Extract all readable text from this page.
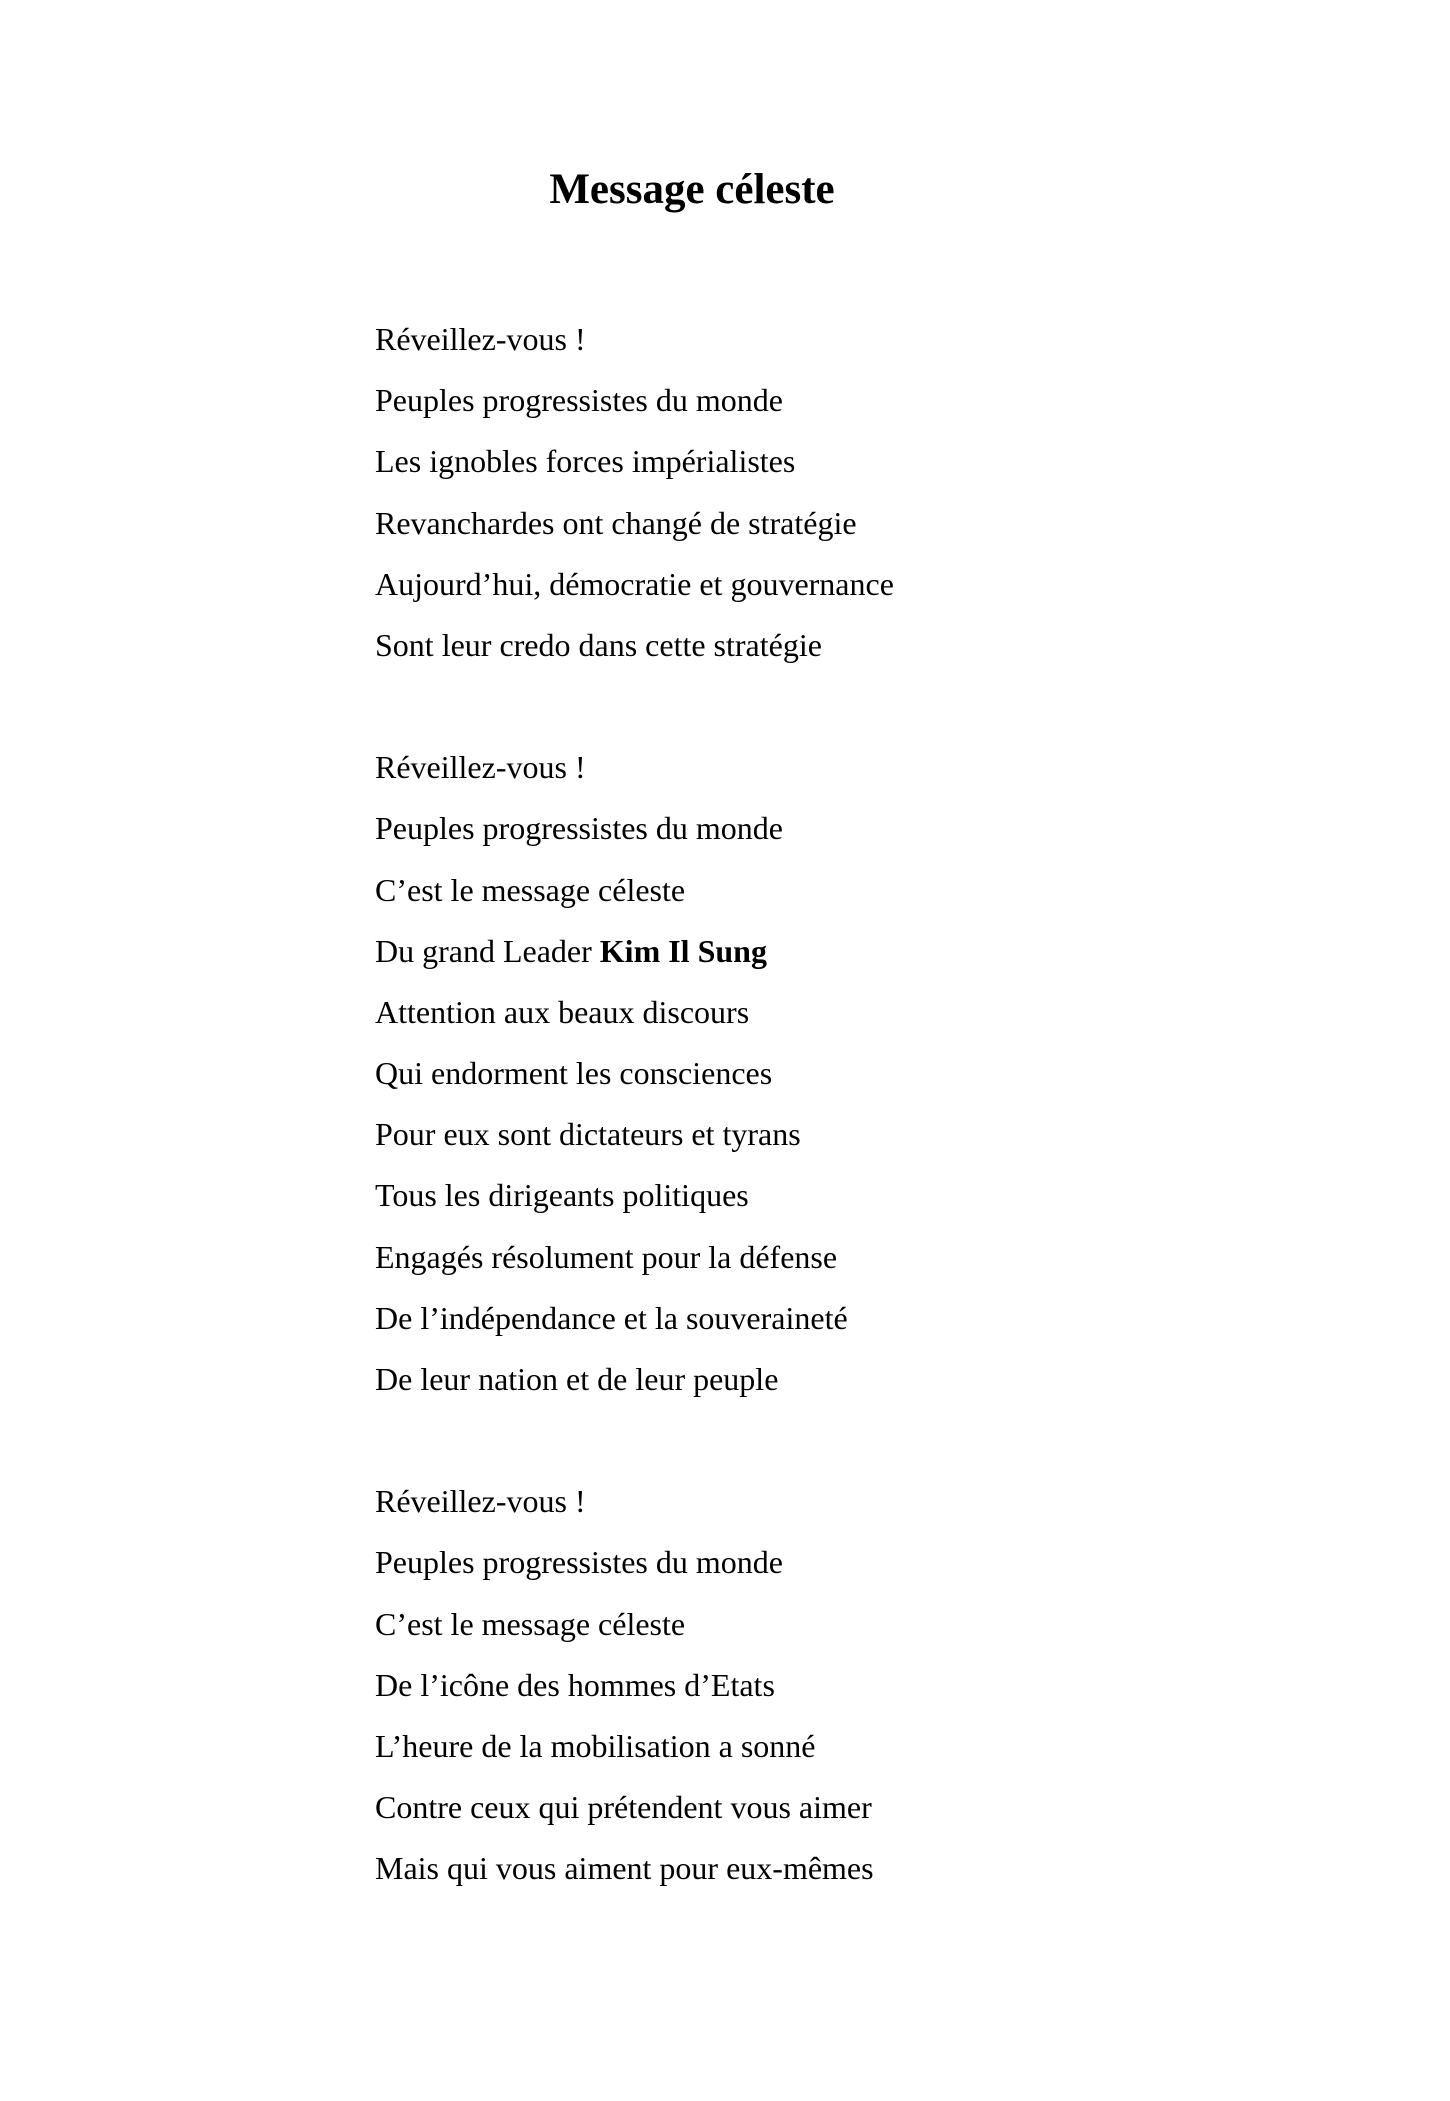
Message céleste

Réveillez-vous !

Peuples progressistes du monde

Les ignobles forces impérialistes

Revanchardes ont changé de stratégie

Aujourd’hui, démocratie et gouvernance

Sont leur credo dans cette stratégie

Réveillez-vous !

Peuples progressistes du monde

C’est le message céleste

Du grand Leader Kim Il Sung

Attention aux beaux discours

Qui endorment les consciences

Pour eux sont dictateurs et tyrans

Tous les dirigeants politiques

Engagés résolument pour la défense

De l’indépendance et la souveraineté

De leur nation et de leur peuple

Réveillez-vous !

Peuples progressistes du monde

C’est le message céleste

De l’icône des hommes d’Etats

L’heure de la mobilisation a sonné

Contre ceux qui prétendent vous aimer

Mais qui vous aiment pour eux-mêmes
